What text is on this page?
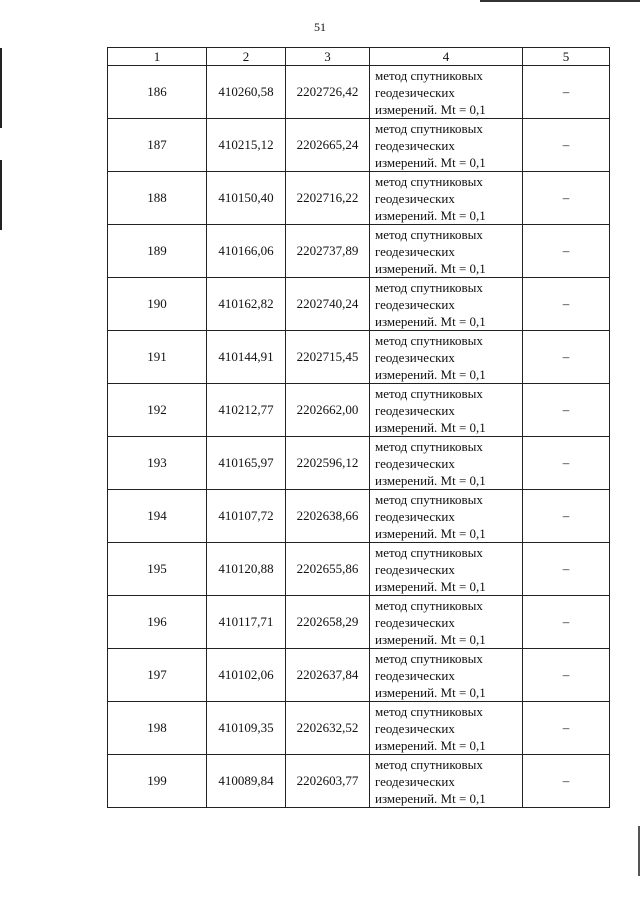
51
1	2	3	4	5
186	410260,58	2202726,42	метод спутниковых
геодезических
измерений. Mt = 0,1	–
187	410215,12	2202665,24	метод спутниковых
геодезических
измерений. Mt = 0,1	–
188	410150,40	2202716,22	метод спутниковых
геодезических
измерений. Mt = 0,1	–
189	410166,06	2202737,89	метод спутниковых
геодезических
измерений. Mt = 0,1	–
190	410162,82	2202740,24	метод спутниковых
геодезических
измерений. Mt = 0,1	–
191	410144,91	2202715,45	метод спутниковых
геодезических
измерений. Mt = 0,1	–
192	410212,77	2202662,00	метод спутниковых
геодезических
измерений. Mt = 0,1	–
193	410165,97	2202596,12	метод спутниковых
геодезических
измерений. Mt = 0,1	–
194	410107,72	2202638,66	метод спутниковых
геодезических
измерений. Mt = 0,1	–
195	410120,88	2202655,86	метод спутниковых
геодезических
измерений. Mt = 0,1	–
196	410117,71	2202658,29	метод спутниковых
геодезических
измерений. Mt = 0,1	–
197	410102,06	2202637,84	метод спутниковых
геодезических
измерений. Mt = 0,1	–
198	410109,35	2202632,52	метод спутниковых
геодезических
измерений. Mt = 0,1	–
199	410089,84	2202603,77	метод спутниковых
геодезических
измерений. Mt = 0,1	–
